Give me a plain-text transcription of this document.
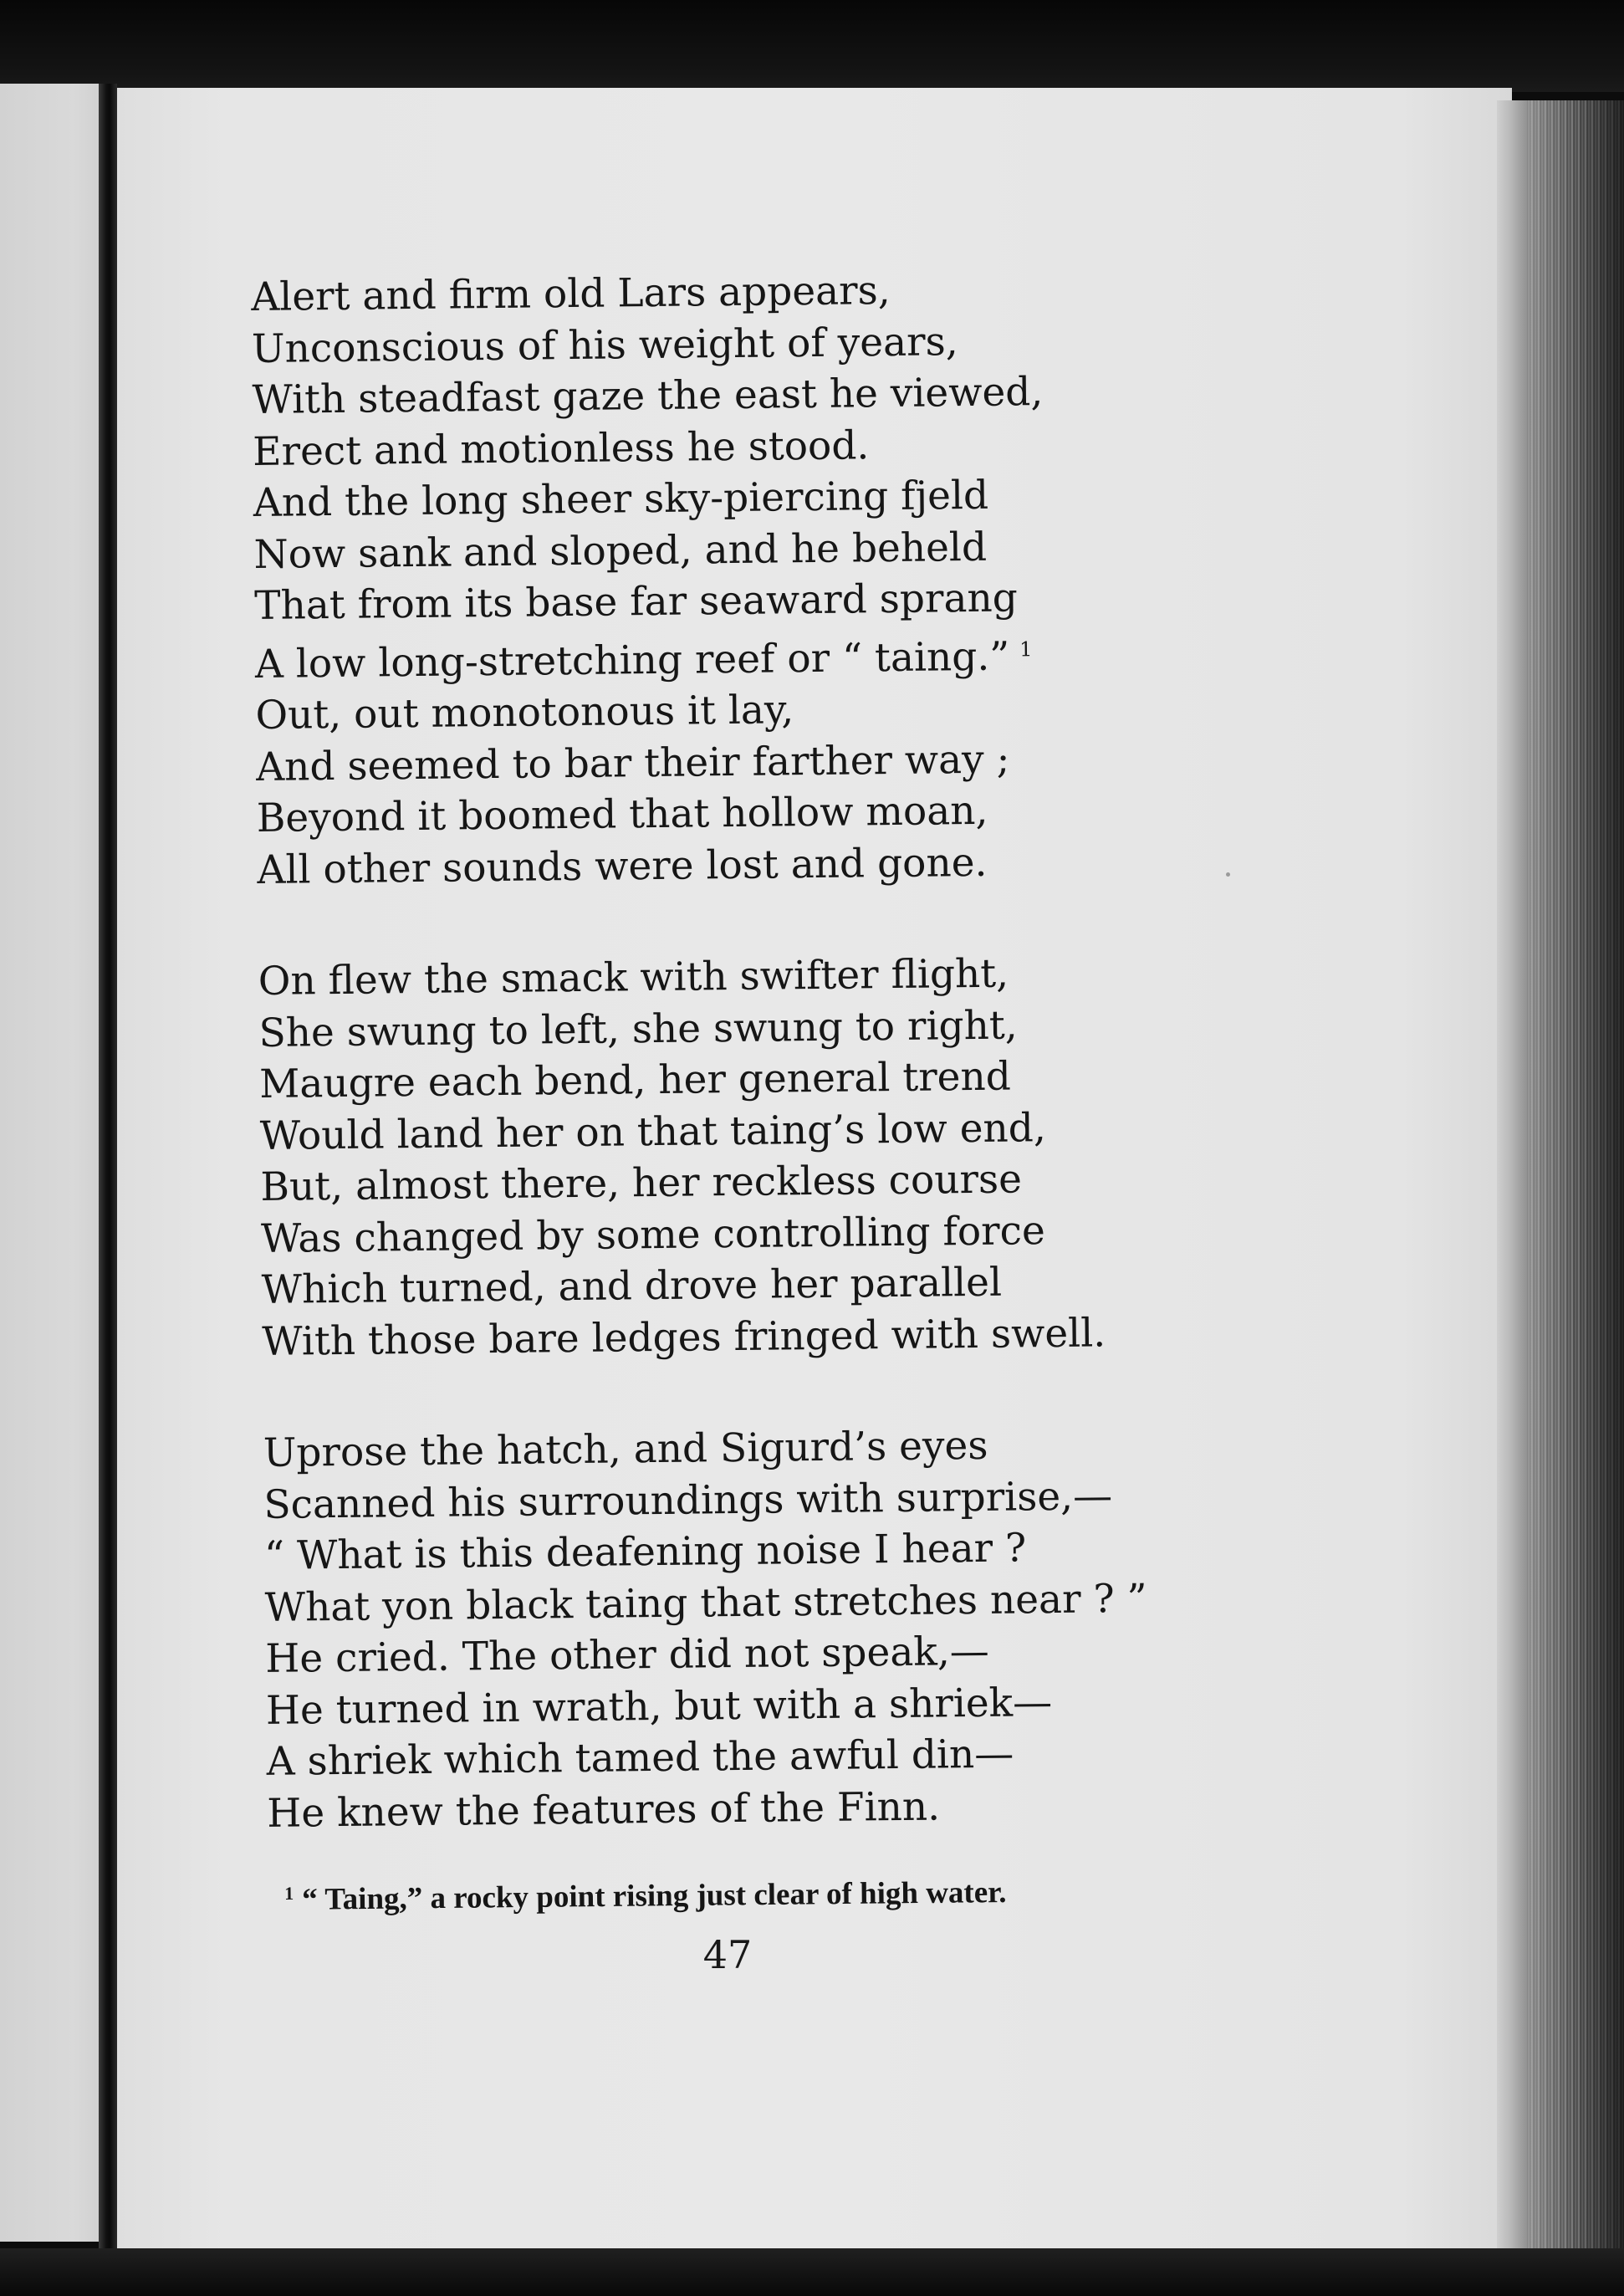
Alert and firm old Lars appears,
Unconscious of his weight of years,
With steadfast gaze the east he viewed,
Erect and motionless he stood.
And the long sheer sky-piercing fjeld
Now sank and sloped, and he beheld
That from its base far seaward sprang
A low long-stretching reef or “ taing.” $^1$
Out, out monotonous it lay,
And seemed to bar their farther way ;
Beyond it boomed that hollow moan,
All other sounds were lost and gone.

On flew the smack with swifter flight,
She swung to left, she swung to right,
Maugre each bend, her general trend
Would land her on that taing’s low end,
But, almost there, her reckless course
Was changed by some controlling force
Which turned, and drove her parallel
With those bare ledges fringed with swell.

Uprose the hatch, and Sigurd’s eyes
Scanned his surroundings with surprise,—
“ What is this deafening noise I hear ?
What yon black taing that stretches near ? ”
He cried. The other did not speak,—
He turned in wrath, but with a shriek—
A shriek which tamed the awful din—
He knew the features of the Finn.

$^1$ “ Taing,” a rocky point rising just clear of high water.
47
